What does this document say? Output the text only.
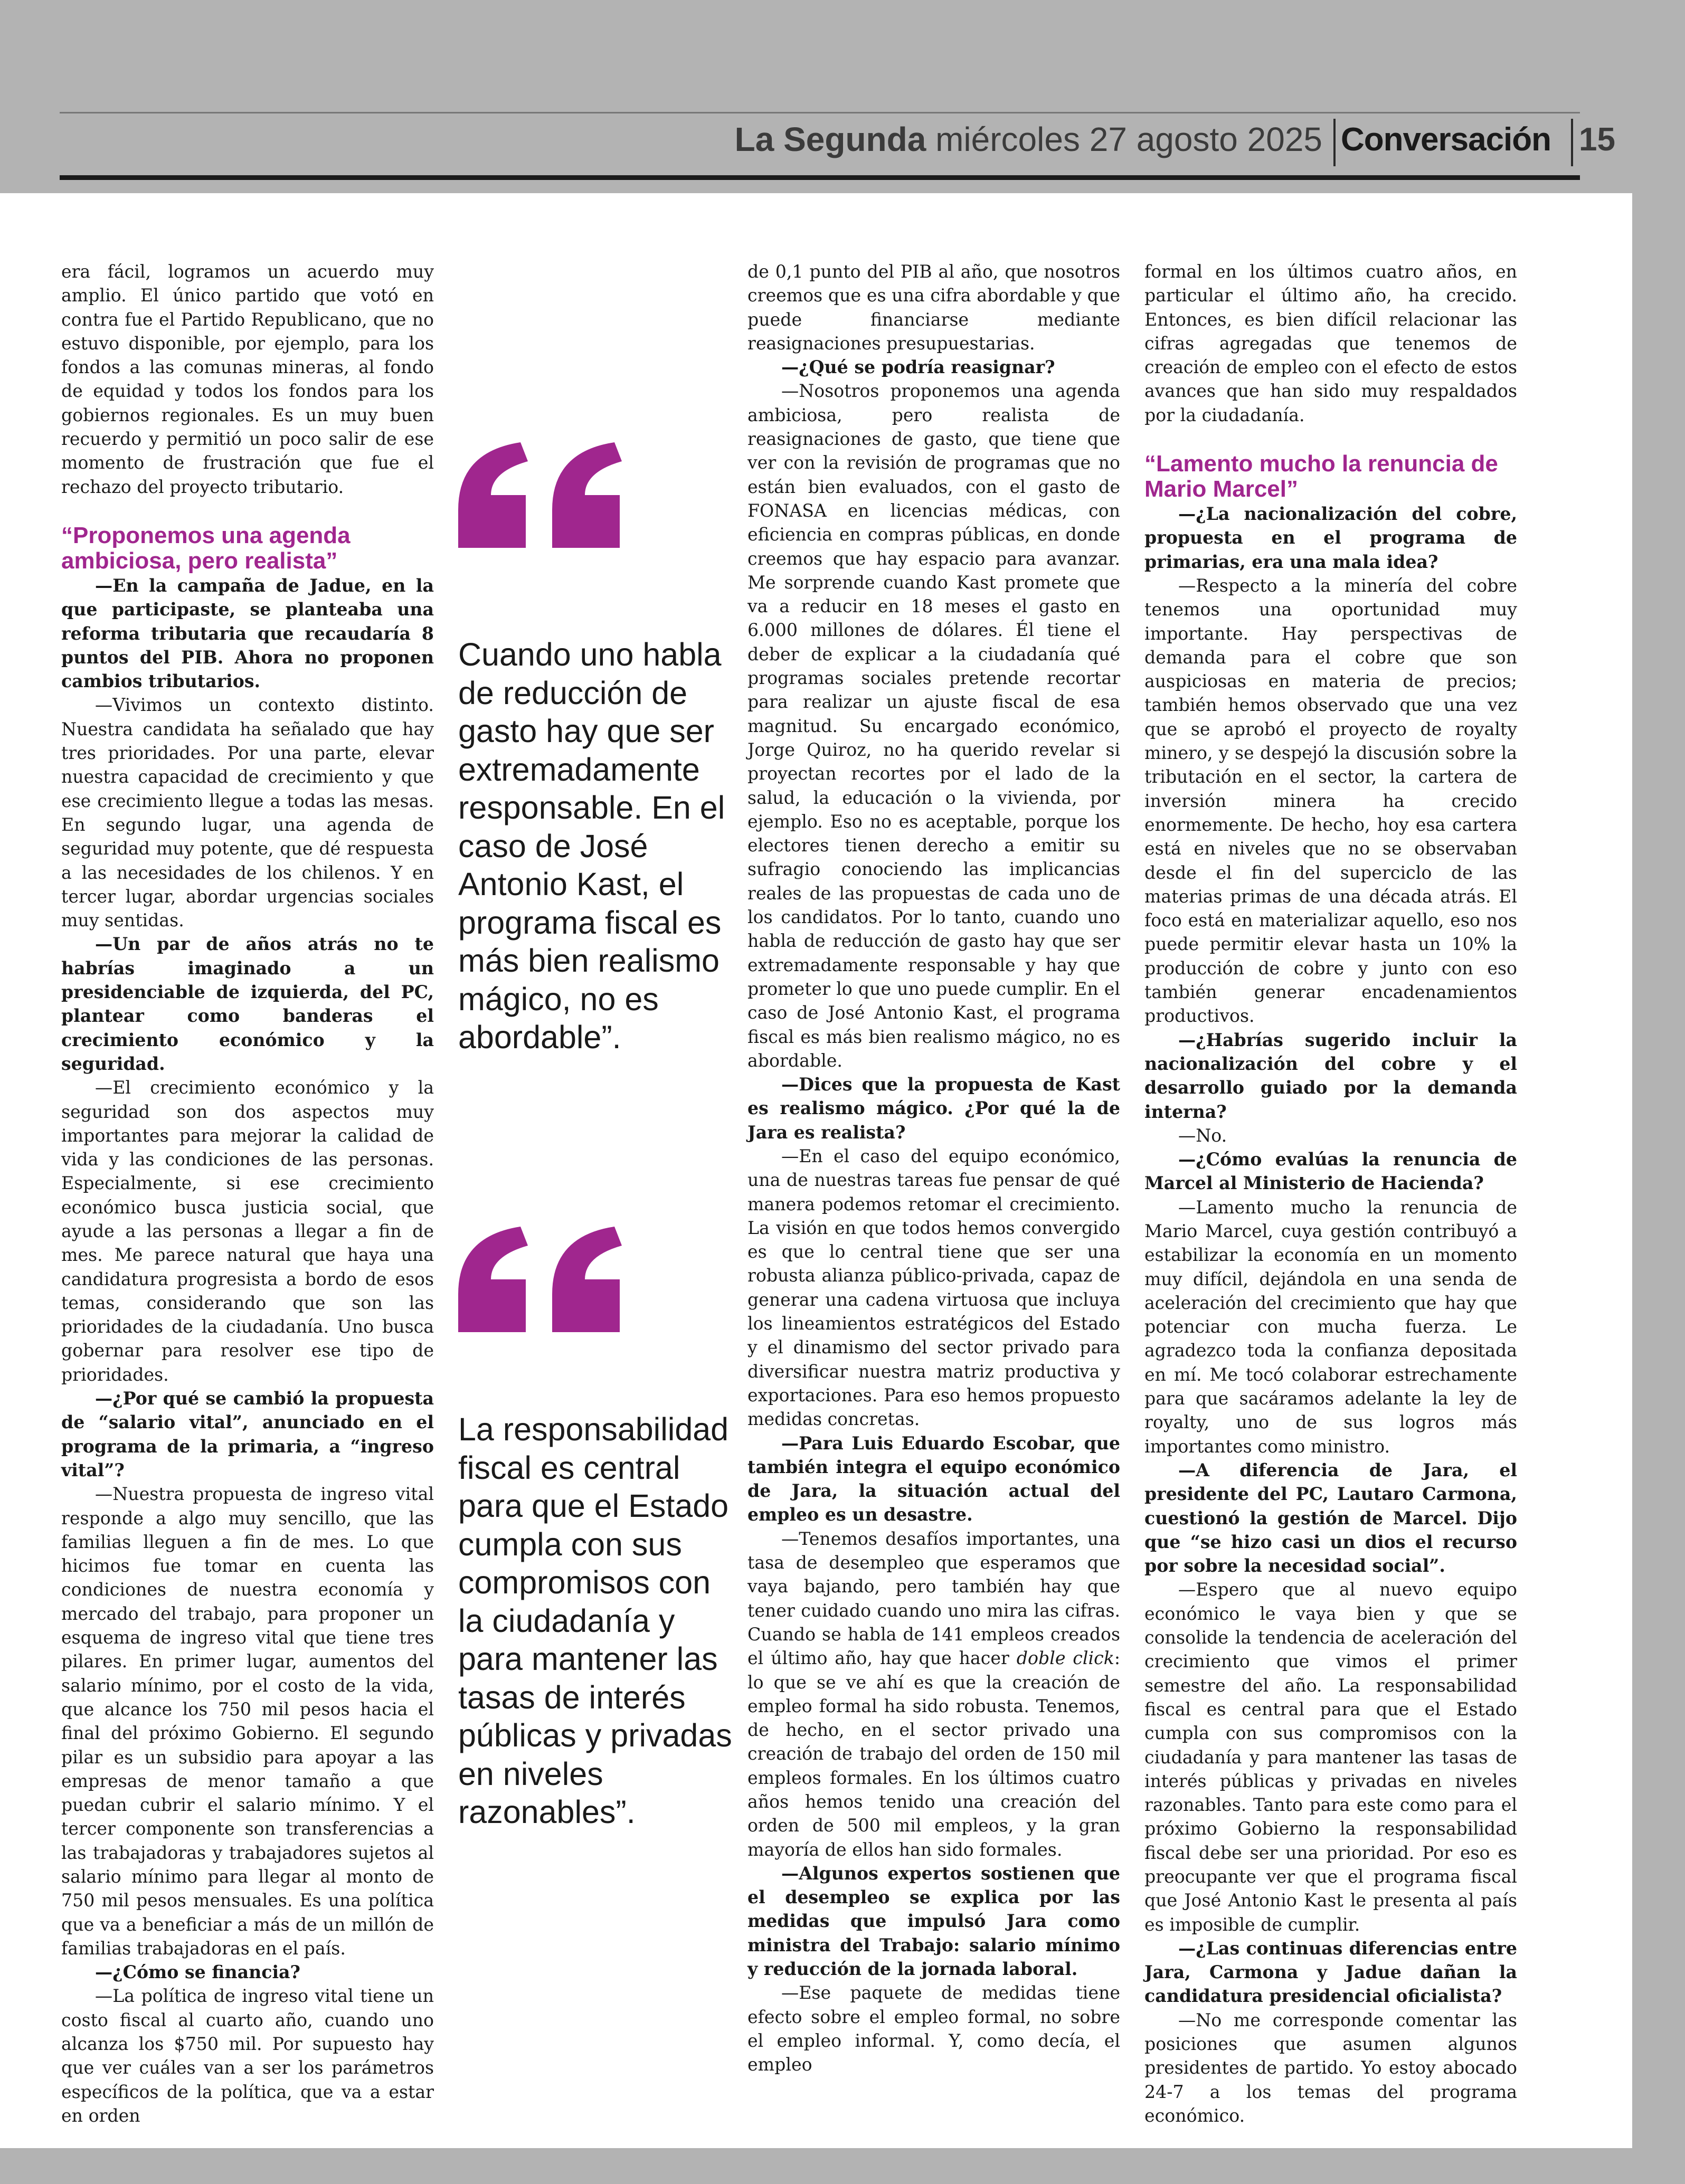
La Segunda miércoles 27 agosto 2025 Conversación 15

era fácil, logramos un acuerdo muy amplio. El único partido que votó en contra fue el Partido Republicano, que no estuvo disponible, por ejemplo, para los fondos a las comunas mineras, al fondo de equidad y todos los fondos para los gobiernos regionales. Es un muy buen recuerdo y permitió un poco salir de ese momento de frustración que fue el rechazo del proyecto tributario.

“Proponemos una agenda ambiciosa, pero realista”

—En la campaña de Jadue, en la que participaste, se planteaba una reforma tributaria que recaudaría 8 puntos del PIB. Ahora no proponen cambios tributarios.

—Vivimos un contexto distinto. Nuestra candidata ha señalado que hay tres prioridades. Por una parte, elevar nuestra capacidad de crecimiento y que ese crecimiento llegue a todas las mesas. En segundo lugar, una agenda de seguridad muy potente, que dé respuesta a las necesidades de los chilenos. Y en tercer lugar, abordar urgencias sociales muy sentidas.

—Un par de años atrás no te habrías imaginado a un presidenciable de izquierda, del PC, plantear como banderas el crecimiento económico y la seguridad.

—El crecimiento económico y la seguridad son dos aspectos muy importantes para mejorar la calidad de vida y las condiciones de las personas. Especialmente, si ese crecimiento económico busca justicia social, que ayude a las personas a llegar a fin de mes. Me parece natural que haya una candidatura progresista a bordo de esos temas, considerando que son las prioridades de la ciudadanía. Uno busca gobernar para resolver ese tipo de prioridades.

—¿Por qué se cambió la propuesta de “salario vital”, anunciado en el programa de la primaria, a “ingreso vital”?

—Nuestra propuesta de ingreso vital responde a algo muy sencillo, que las familias lleguen a fin de mes. Lo que hicimos fue tomar en cuenta las condiciones de nuestra economía y mercado del trabajo, para proponer un esquema de ingreso vital que tiene tres pilares. En primer lugar, aumentos del salario mínimo, por el costo de la vida, que alcance los 750 mil pesos hacia el final del próximo Gobierno. El segundo pilar es un subsidio para apoyar a las empresas de menor tamaño a que puedan cubrir el salario mínimo. Y el tercer componente son transferencias a las trabajadoras y trabajadores sujetos al salario mínimo para llegar al monto de 750 mil pesos mensuales. Es una política que va a beneficiar a más de un millón de familias trabajadoras en el país.

—¿Cómo se financia?

—La política de ingreso vital tiene un costo fiscal al cuarto año, cuando uno alcanza los $750 mil. Por supuesto hay que ver cuáles van a ser los parámetros específicos de la política, que va a estar en orden

de 0,1 punto del PIB al año, que nosotros creemos que es una cifra abordable y que puede financiarse mediante reasignaciones presupuestarias.

—¿Qué se podría reasignar?

—Nosotros proponemos una agenda ambiciosa, pero realista de reasignaciones de gasto, que tiene que ver con la revisión de programas que no están bien evaluados, con el gasto de FONASA en licencias médicas, con eficiencia en compras públicas, en donde creemos que hay espacio para avanzar. Me sorprende cuando Kast promete que va a reducir en 18 meses el gasto en 6.000 millones de dólares. Él tiene el deber de explicar a la ciudadanía qué programas sociales pretende recortar para realizar un ajuste fiscal de esa magnitud. Su encargado económico, Jorge Quiroz, no ha querido revelar si proyectan recortes por el lado de la salud, la educación o la vivienda, por ejemplo. Eso no es aceptable, porque los electores tienen derecho a emitir su sufragio conociendo las implicancias reales de las propuestas de cada uno de los candidatos. Por lo tanto, cuando uno habla de reducción de gasto hay que ser extremadamente responsable y hay que prometer lo que uno puede cumplir. En el caso de José Antonio Kast, el programa fiscal es más bien realismo mágico, no es abordable.

—Dices que la propuesta de Kast es realismo mágico. ¿Por qué la de Jara es realista?

—En el caso del equipo económico, una de nuestras tareas fue pensar de qué manera podemos retomar el crecimiento. La visión en que todos hemos convergido es que lo central tiene que ser una robusta alianza público-privada, capaz de generar una cadena virtuosa que incluya los lineamientos estratégicos del Estado y el dinamismo del sector privado para diversificar nuestra matriz productiva y exportaciones. Para eso hemos propuesto medidas concretas.

—Para Luis Eduardo Escobar, que también integra el equipo económico de Jara, la situación actual del empleo es un desastre.

—Tenemos desafíos importantes, una tasa de desempleo que esperamos que vaya bajando, pero también hay que tener cuidado cuando uno mira las cifras. Cuando se habla de 141 empleos creados el último año, hay que hacer doble click: lo que se ve ahí es que la creación de empleo formal ha sido robusta. Tenemos, de hecho, en el sector privado una creación de trabajo del orden de 150 mil empleos formales. En los últimos cuatro años hemos tenido una creación del orden de 500 mil empleos, y la gran mayoría de ellos han sido formales.

—Algunos expertos sostienen que el desempleo se explica por las medidas que impulsó Jara como ministra del Trabajo: salario mínimo y reducción de la jornada laboral.

—Ese paquete de medidas tiene efecto sobre el empleo formal, no sobre el empleo informal. Y, como decía, el empleo

formal en los últimos cuatro años, en particular el último año, ha crecido. Entonces, es bien difícil relacionar las cifras agregadas que tenemos de creación de empleo con el efecto de estos avances que han sido muy respaldados por la ciudadanía.

“Lamento mucho la renuncia de Mario Marcel”

—¿La nacionalización del cobre, propuesta en el programa de primarias, era una mala idea?

—Respecto a la minería del cobre tenemos una oportunidad muy importante. Hay perspectivas de demanda para el cobre que son auspiciosas en materia de precios; también hemos observado que una vez que se aprobó el proyecto de royalty minero, y se despejó la discusión sobre la tributación en el sector, la cartera de inversión minera ha crecido enormemente. De hecho, hoy esa cartera está en niveles que no se observaban desde el fin del superciclo de las materias primas de una década atrás. El foco está en materializar aquello, eso nos puede permitir elevar hasta un 10% la producción de cobre y junto con eso también generar encadenamientos productivos.

—¿Habrías sugerido incluir la nacionalización del cobre y el desarrollo guiado por la demanda interna?

—No.

—¿Cómo evalúas la renuncia de Marcel al Ministerio de Hacienda?

—Lamento mucho la renuncia de Mario Marcel, cuya gestión contribuyó a estabilizar la economía en un momento muy difícil, dejándola en una senda de aceleración del crecimiento que hay que potenciar con mucha fuerza. Le agradezco toda la confianza depositada en mí. Me tocó colaborar estrechamente para que sacáramos adelante la ley de royalty, uno de sus logros más importantes como ministro.

—A diferencia de Jara, el presidente del PC, Lautaro Carmona, cuestionó la gestión de Marcel. Dijo que “se hizo casi un dios el recurso por sobre la necesidad social”.

—Espero que al nuevo equipo económico le vaya bien y que se consolide la tendencia de aceleración del crecimiento que vimos el primer semestre del año. La responsabilidad fiscal es central para que el Estado cumpla con sus compromisos con la ciudadanía y para mantener las tasas de interés públicas y privadas en niveles razonables. Tanto para este como para el próximo Gobierno la responsabilidad fiscal debe ser una prioridad. Por eso es preocupante ver que el programa fiscal que José Antonio Kast le presenta al país es imposible de cumplir.

—¿Las continuas diferencias entre Jara, Carmona y Jadue dañan la candidatura presidencial oficialista?

—No me corresponde comentar las posiciones que asumen algunos presidentes de partido. Yo estoy abocado 24-7 a los temas del programa económico.

Cuando uno habla de reducción de gasto hay que ser extremadamente responsable. En el caso de José Antonio Kast, el programa fiscal es más bien realismo mágico, no es abordable”.
La responsabilidad fiscal es central para que el Estado cumpla con sus compromisos con la ciudadanía y para mantener las tasas de interés públicas y privadas en niveles razonables”.
